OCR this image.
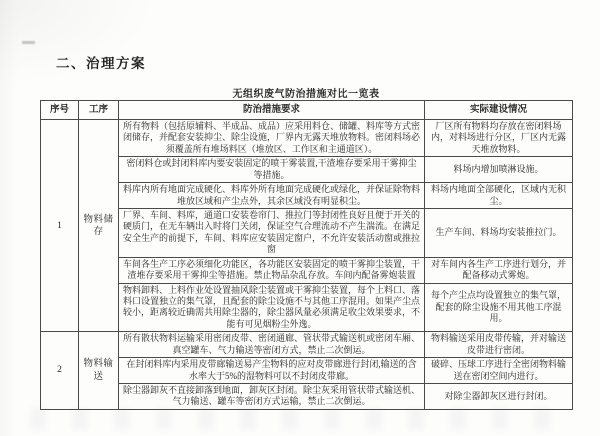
二、治理方案
无组织废气防治措施对比一览表
序号	工序	防治措施要求	实际建设情况
1	物料储存	所有物料（包括原辅料、半成品、成品）应采用料仓、储罐、料库等方式密闭储存，并配套安装抑尘、除尘设施，厂界内无露天堆放物料。密闭料场必须覆盖所有堆场料区（堆放区、工作区和主通道区）。	厂区所有物料均存放在密闭料场内，对料场进行分区，厂区内无露天堆放物料。
		密闭料仓或封闭料库内要安装固定的喷干雾装置,干渣堆存要采用干雾抑尘等措施。	料场内增加喷淋设施。
		料库内所有地面完成硬化、料库外所有地面完成硬化或绿化，并保证除物料堆放区域和产尘点外，其余区域没有明显积尘。	料场内地面全部硬化，区域内无积尘。
		厂界、车间、料库，通道口安装卷帘门、推拉门等封闭性良好且便于开关的硬质门，在无车辆出入时将门关闭，保证空气合理流动不产生湍流。在满足安全生产的前提下，车间、料库应安装固定窗户，不允许安装活动窗或推拉窗	生产车间、料场均安装推拉门。
		车间各生产工序必须细化功能区，各功能区安装固定的喷干雾抑尘装置，干渣堆存要采用干雾抑尘等措施。禁止物品杂乱存放。车间内配备雾炮装置	对车间内各生产工序进行划分，并配备移动式雾炮。
		物料卸料、上料作业处设置抽风除尘装置或干雾抑尘装置，每个上料口、落料口设置独立的集气罩，且配套的除尘设施不与其他工序混用。如果产尘点较小，距离较近确需共用除尘器的，除尘器风量必须满足收尘效果要求，不能有可见烟粉尘外逸。	每个产尘点均设置独立的集气罩，配套的除尘设施不用其他工序混用。
2	物料输送	所有散状物料运输采用密闭皮带、密闭通廊、管状带式输送机或密闭车厢、真空罐车、气力输送等密闭方式，禁止二次倒运。	物料输送采用皮带传输，并对输送皮带进行密闭。
		在封闭料库内采用皮带廊输送易产尘物料的应对皮带廊进行封闭,输送的含水率大于5%的湿物料可以不封闭皮带廊。	破碎、压球工序进行全密闭物料输送在密闭空间内进行。
		除尘器卸灰不直接卸落到地面，卸灰区封闭。除尘灰采用管状带式输送机、气力输送、罐车等密闭方式运输，禁止二次倒运。	对除尘器卸灰区进行封闭。
